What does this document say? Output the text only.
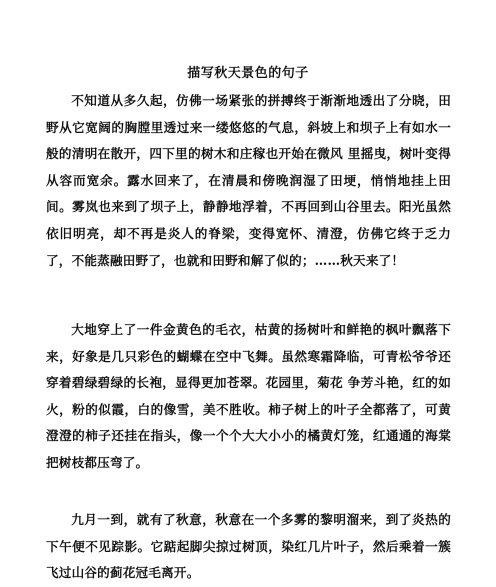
描写秋天景色的句子

不知道从多久起，仿佛一场紧张的拼搏终于渐渐地透出了分晓，田野从它宽阔的胸膛里透过来一缕悠悠的气息，斜坡上和坝子上有如水一般的清明在散开，四下里的树木和庄稼也开始在微风 里摇曳，树叶变得从容而宽余。露水回来了，在清晨和傍晚润湿了田埂，悄悄地挂上田间。雾岚也来到了坝子上，静静地浮着，不再回到山谷里去。阳光虽然依旧明亮，却不再是炎人的脊梁，变得宽怀、清澄，仿佛它终于乏力了，不能蒸融田野了，也就和田野和解了似的；……秋天来了！

大地穿上了一件金黄色的毛衣，枯黄的扬树叶和鲜艳的枫叶飘落下来，好象是几只彩色的蝴蝶在空中飞舞。虽然寒霜降临，可青松爷爷还穿着碧绿碧绿的长袍，显得更加苍翠。花园里，菊花 争芳斗艳，红的如火，粉的似霞，白的像雪，美不胜收。柿子树上的叶子全都落了，可黄澄澄的柿子还挂在指头，像一个个大大小小的橘黄灯笼，红通通的海棠把树枝都压弯了。

九月一到，就有了秋意，秋意在一个多雾的黎明溜来，到了炎热的下午便不见踪影。它踮起脚尖掠过树顶，染红几片叶子，然后乘着一簇飞过山谷的蓟花冠毛离开。
